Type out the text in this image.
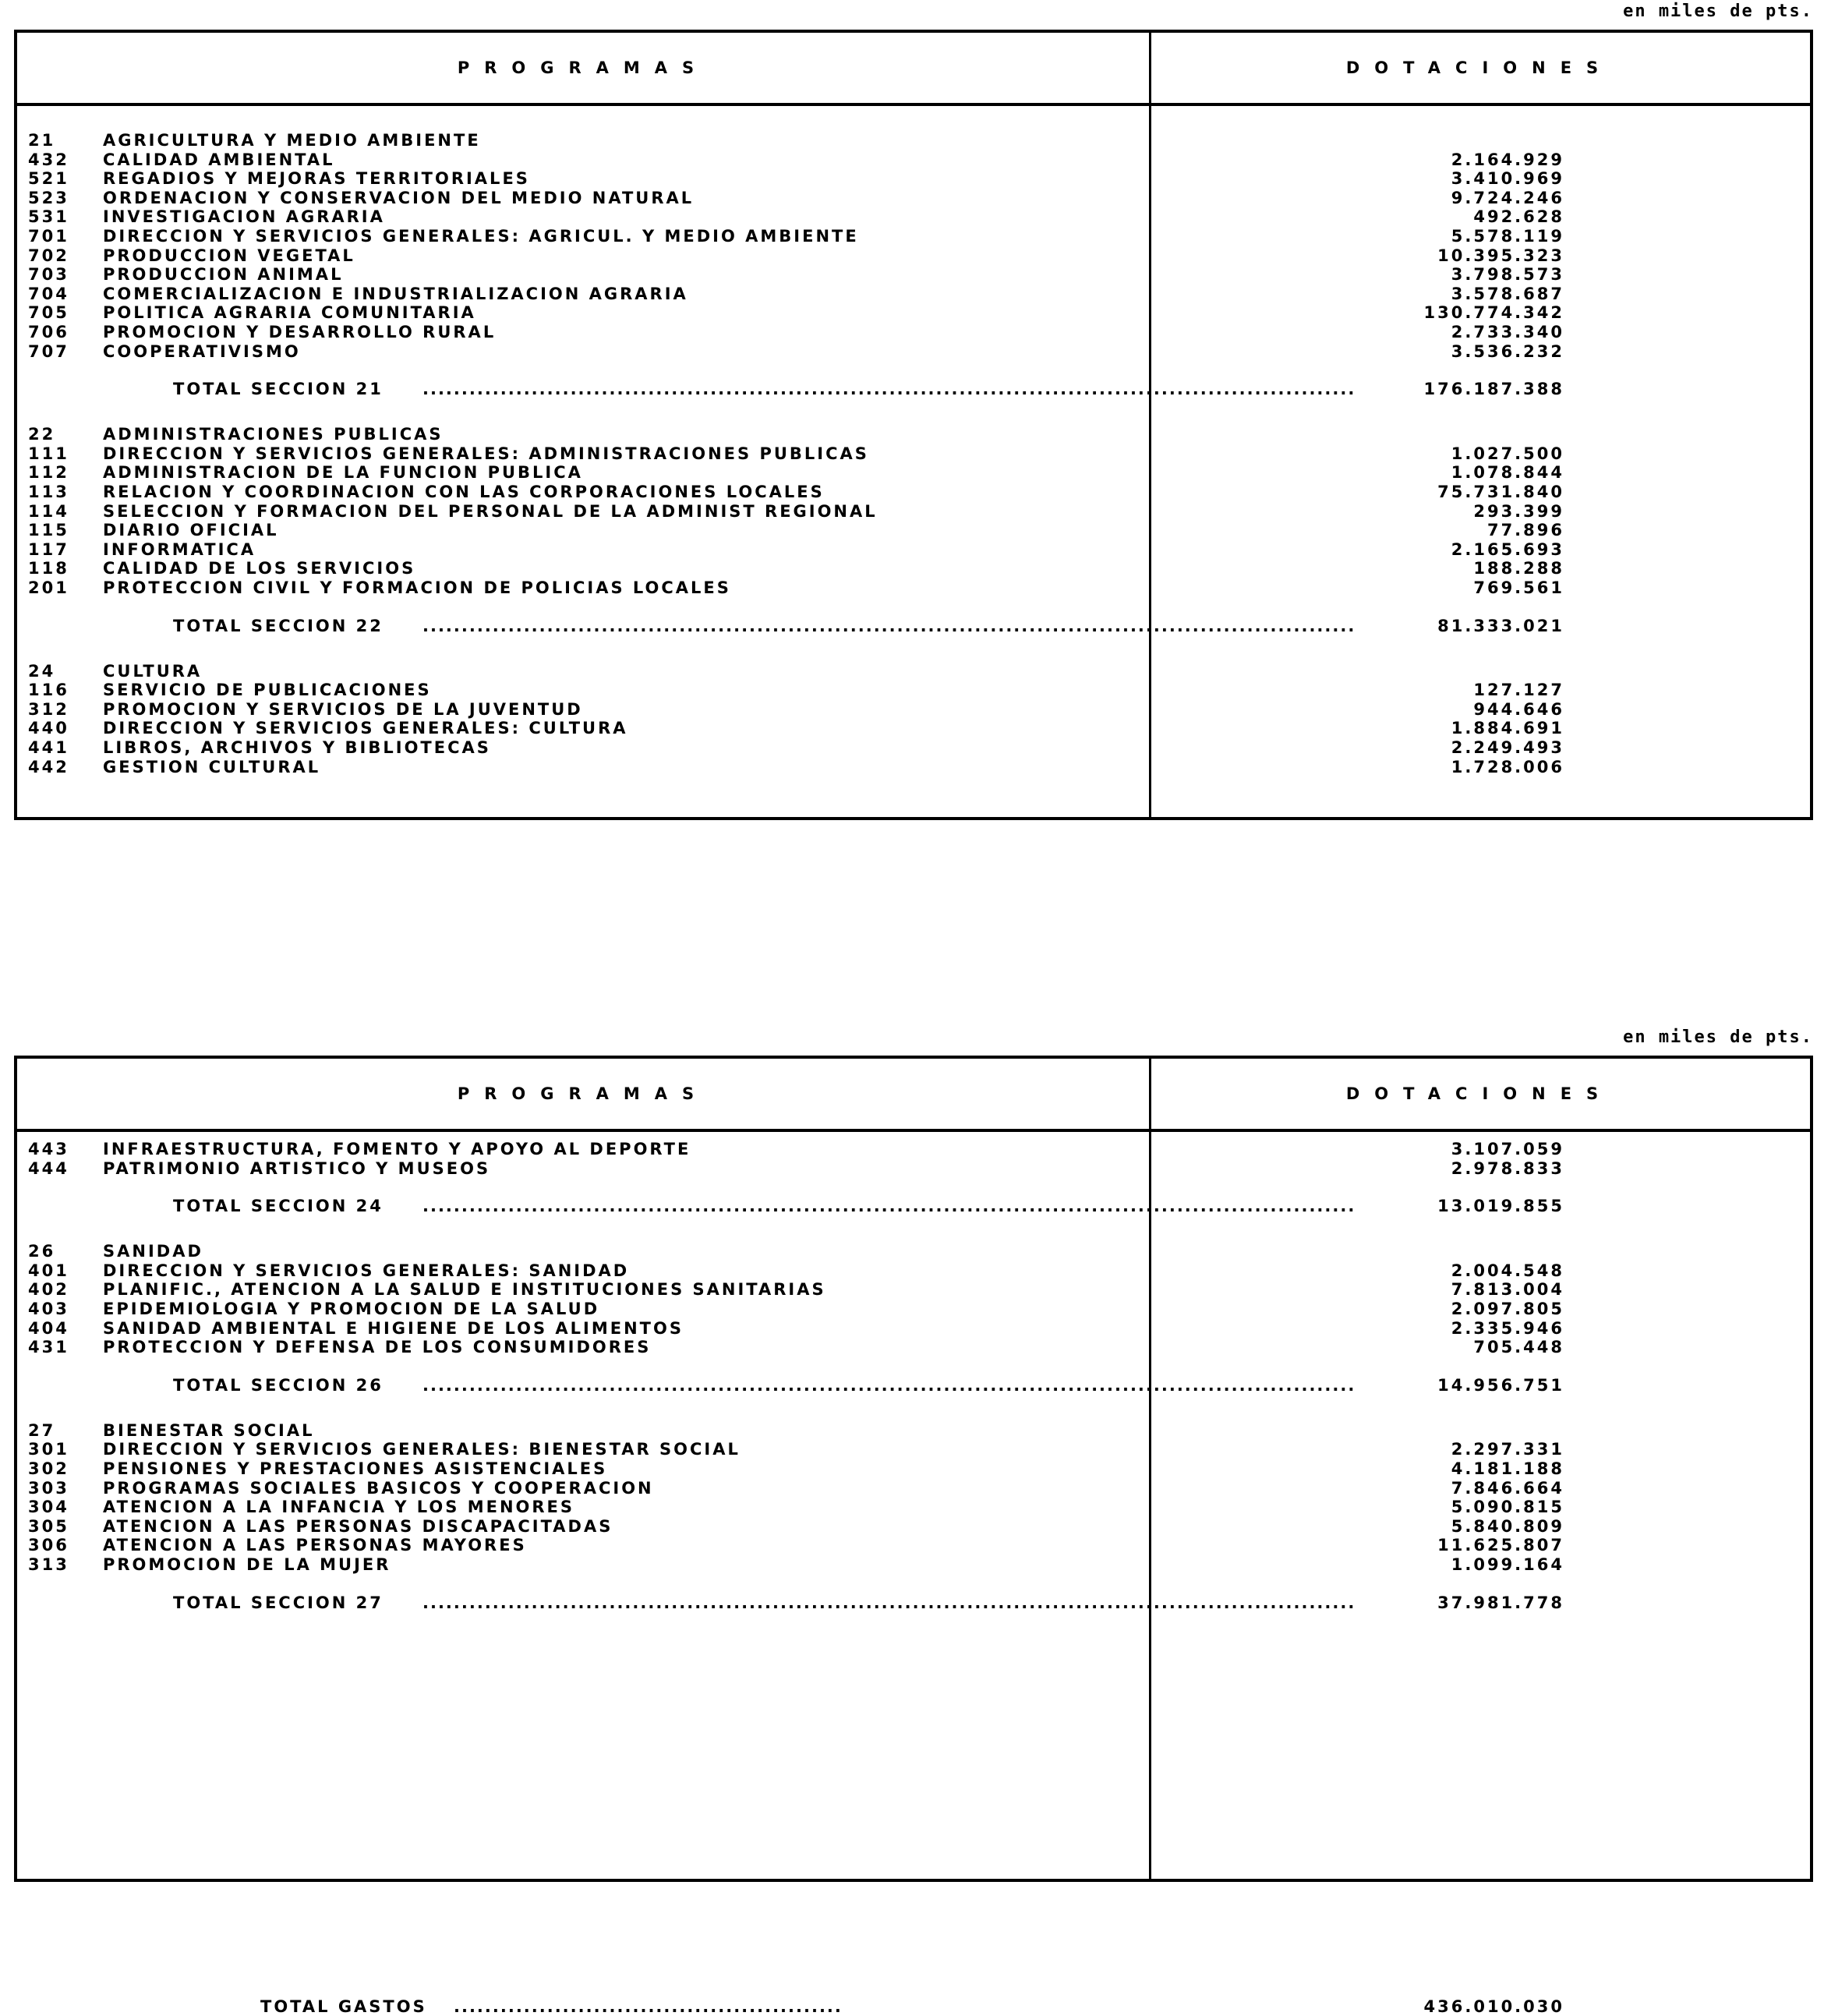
en miles de pts.
PROGRAMAS	DOTACIONES
21	AGRICULTURA Y MEDIO AMBIENTE
432	CALIDAD AMBIENTAL	2.164.929
521	REGADIOS Y MEJORAS TERRITORIALES	3.410.969
523	ORDENACION Y CONSERVACION DEL MEDIO NATURAL	9.724.246
531	INVESTIGACION AGRARIA	492.628
701	DIRECCION Y SERVICIOS GENERALES: AGRICUL. Y MEDIO AMBIENTE	5.578.119
702	PRODUCCION VEGETAL	10.395.323
703	PRODUCCION ANIMAL	3.798.573
704	COMERCIALIZACION E INDUSTRIALIZACION AGRARIA	3.578.687
705	POLITICA AGRARIA COMUNITARIA	130.774.342
706	PROMOCION Y DESARROLLO RURAL	2.733.340
707	COOPERATIVISMO	3.536.232
TOTAL SECCION 21 ........................................................................................................................	176.187.388
22	ADMINISTRACIONES PUBLICAS
111	DIRECCION Y SERVICIOS GENERALES: ADMINISTRACIONES PUBLICAS	1.027.500
112	ADMINISTRACION DE LA FUNCION PUBLICA	1.078.844
113	RELACION Y COORDINACION CON LAS CORPORACIONES LOCALES	75.731.840
114	SELECCION Y FORMACION DEL PERSONAL DE LA ADMINIST REGIONAL	293.399
115	DIARIO OFICIAL	77.896
117	INFORMATICA	2.165.693
118	CALIDAD DE LOS SERVICIOS	188.288
201	PROTECCION CIVIL Y FORMACION DE POLICIAS LOCALES	769.561
TOTAL SECCION 22 ........................................................................................................................	81.333.021
24	CULTURA
116	SERVICIO DE PUBLICACIONES	127.127
312	PROMOCION Y SERVICIOS DE LA JUVENTUD	944.646
440	DIRECCION Y SERVICIOS GENERALES: CULTURA	1.884.691
441	LIBROS, ARCHIVOS Y BIBLIOTECAS	2.249.493
442	GESTION CULTURAL	1.728.006
en miles de pts.
PROGRAMAS	DOTACIONES
443	INFRAESTRUCTURA, FOMENTO Y APOYO AL DEPORTE	3.107.059
444	PATRIMONIO ARTISTICO Y MUSEOS	2.978.833
TOTAL SECCION 24 ........................................................................................................................	13.019.855
26	SANIDAD
401	DIRECCION Y SERVICIOS GENERALES: SANIDAD	2.004.548
402	PLANIFIC., ATENCION A LA SALUD E INSTITUCIONES SANITARIAS	7.813.004
403	EPIDEMIOLOGIA Y PROMOCION DE LA SALUD	2.097.805
404	SANIDAD AMBIENTAL E HIGIENE DE LOS ALIMENTOS	2.335.946
431	PROTECCION Y DEFENSA DE LOS CONSUMIDORES	705.448
TOTAL SECCION 26 ........................................................................................................................	14.956.751
27	BIENESTAR SOCIAL
301	DIRECCION Y SERVICIOS GENERALES: BIENESTAR SOCIAL	2.297.331
302	PENSIONES Y PRESTACIONES ASISTENCIALES	4.181.188
303	PROGRAMAS SOCIALES BASICOS Y COOPERACION	7.846.664
304	ATENCION A LA INFANCIA Y LOS MENORES	5.090.815
305	ATENCION A LAS PERSONAS DISCAPACITADAS	5.840.809
306	ATENCION A LAS PERSONAS MAYORES	11.625.807
313	PROMOCION DE LA MUJER	1.099.164
TOTAL SECCION 27 ........................................................................................................................	37.981.778
TOTAL GASTOS ..................................................	436.010.030
